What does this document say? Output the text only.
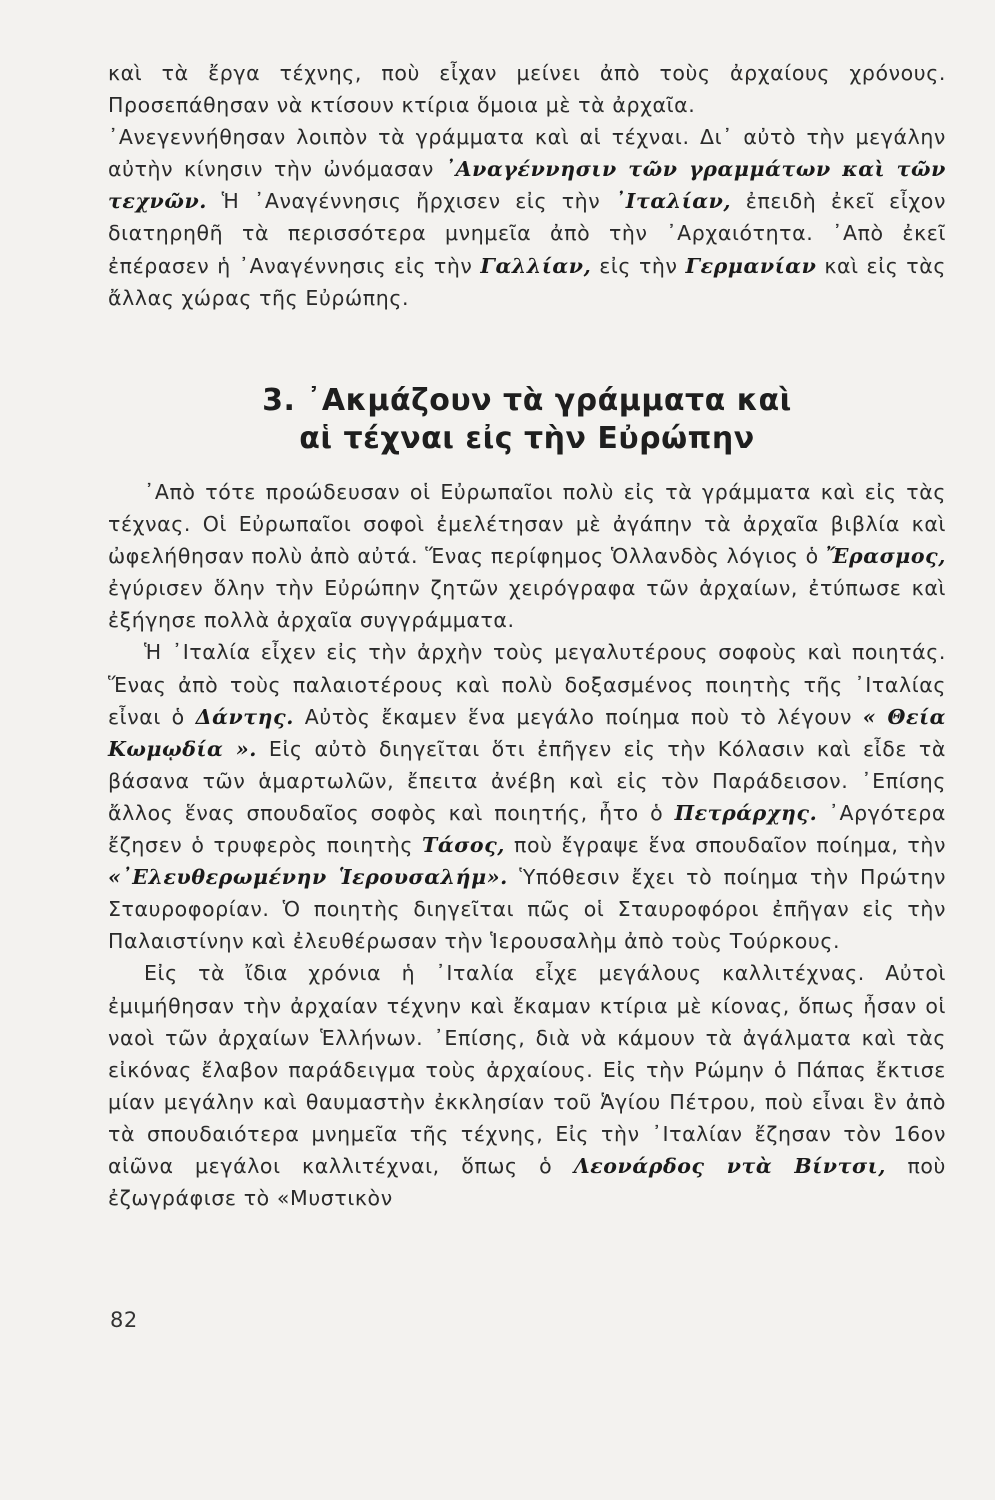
καὶ τὰ ἔργα τέχνης, ποὺ εἶχαν μείνει ἀπὸ τοὺς ἀρχαίους χρόνους. Προσεπάθησαν νὰ κτίσουν κτίρια ὅμοια μὲ τὰ ἀρχαῖα.

᾿Ανεγεννήθησαν λοιπὸν τὰ γράμματα καὶ αἱ τέχναι. Δι᾿ αὐτὸ τὴν μεγάλην αὐτὴν κίνησιν τὴν ὠνόμασαν ᾿Αναγέννησιν τῶν γραμμάτων καὶ τῶν τεχνῶν. Ἡ ᾿Αναγέννησις ἤρχισεν εἰς τὴν ᾿Ιταλίαν, ἐπειδὴ ἐκεῖ εἶχον διατηρηθῆ τὰ περισσότερα μνημεῖα ἀπὸ τὴν ᾿Αρχαιότητα. ᾿Απὸ ἐκεῖ ἐπέρασεν ἡ ᾿Αναγέννησις εἰς τὴν Γαλλίαν, εἰς τὴν Γερμανίαν καὶ εἰς τὰς ἄλλας χώρας τῆς Εὐρώπης.

3. ᾿Ακμάζουν τὰ γράμματα καὶ
αἱ τέχναι εἰς τὴν Εὐρώπην

᾿Απὸ τότε προώδευσαν οἱ Εὐρωπαῖοι πολὺ εἰς τὰ γράμματα καὶ εἰς τὰς τέχνας. Οἱ Εὐρωπαῖοι σοφοὶ ἐμελέτησαν μὲ ἀγάπην τὰ ἀρχαῖα βιβλία καὶ ὠφελήθησαν πολὺ ἀπὸ αὐτά. Ἕνας περίφημος Ὁλλανδὸς λόγιος ὁ Ἔρασμος, ἐγύρισεν ὅλην τὴν Εὐρώπην ζητῶν χειρόγραφα τῶν ἀρχαίων, ἐτύπωσε καὶ ἐξήγησε πολλὰ ἀρχαῖα συγγράμματα.

Ἡ ᾿Ιταλία εἶχεν εἰς τὴν ἀρχὴν τοὺς μεγαλυτέρους σοφοὺς καὶ ποιητάς. Ἕνας ἀπὸ τοὺς παλαιοτέρους καὶ πολὺ δοξασμένος ποιητὴς τῆς ᾿Ιταλίας εἶναι ὁ Δάντης. Αὐτὸς ἔκαμεν ἕνα μεγάλο ποίημα ποὺ τὸ λέγουν « Θεία Κωμῳδία ». Εἰς αὐτὸ διηγεῖται ὅτι ἐπῆγεν εἰς τὴν Κόλασιν καὶ εἶδε τὰ βάσανα τῶν ἁμαρτωλῶν, ἔπειτα ἀνέβη καὶ εἰς τὸν Παράδεισον. ᾿Επίσης ἄλλος ἕνας σπουδαῖος σοφὸς καὶ ποιητής, ἦτο ὁ Πετράρχης. ᾿Αργότερα ἔζησεν ὁ τρυφερὸς ποιητὴς Τάσος, ποὺ ἔγραψε ἕνα σπουδαῖον ποίημα, τὴν «᾿Ελευθερωμένην Ἱερουσαλήμ». Ὑπόθεσιν ἔχει τὸ ποίημα τὴν Πρώτην Σταυροφορίαν. Ὁ ποιητὴς διηγεῖται πῶς οἱ Σταυροφόροι ἐπῆγαν εἰς τὴν Παλαιστίνην καὶ ἐλευθέρωσαν τὴν Ἱερουσαλὴμ ἀπὸ τοὺς Τούρκους.

Εἰς τὰ ἴδια χρόνια ἡ ᾿Ιταλία εἶχε μεγάλους καλλιτέχνας. Αὐτοὶ ἐμιμήθησαν τὴν ἀρχαίαν τέχνην καὶ ἔκαμαν κτίρια μὲ κίονας, ὅπως ἦσαν οἱ ναοὶ τῶν ἀρχαίων Ἑλλήνων. ᾿Επίσης, διὰ νὰ κάμουν τὰ ἀγάλματα καὶ τὰς εἰκόνας ἔλαβον παράδειγμα τοὺς ἀρχαίους. Εἰς τὴν Ρώμην ὁ Πάπας ἔκτισε μίαν μεγάλην καὶ θαυμαστὴν ἐκκλησίαν τοῦ Ἁγίου Πέτρου, ποὺ εἶναι ἓν ἀπὸ τὰ σπουδαιότερα μνημεῖα τῆς τέχνης, Εἰς τὴν ᾿Ιταλίαν ἔζησαν τὸν 16ον αἰῶνα μεγάλοι καλλιτέχναι, ὅπως ὁ Λεονάρδος ντὰ Βίντσι, ποὺ ἐζωγράφισε τὸ «Μυστικὸν

82
